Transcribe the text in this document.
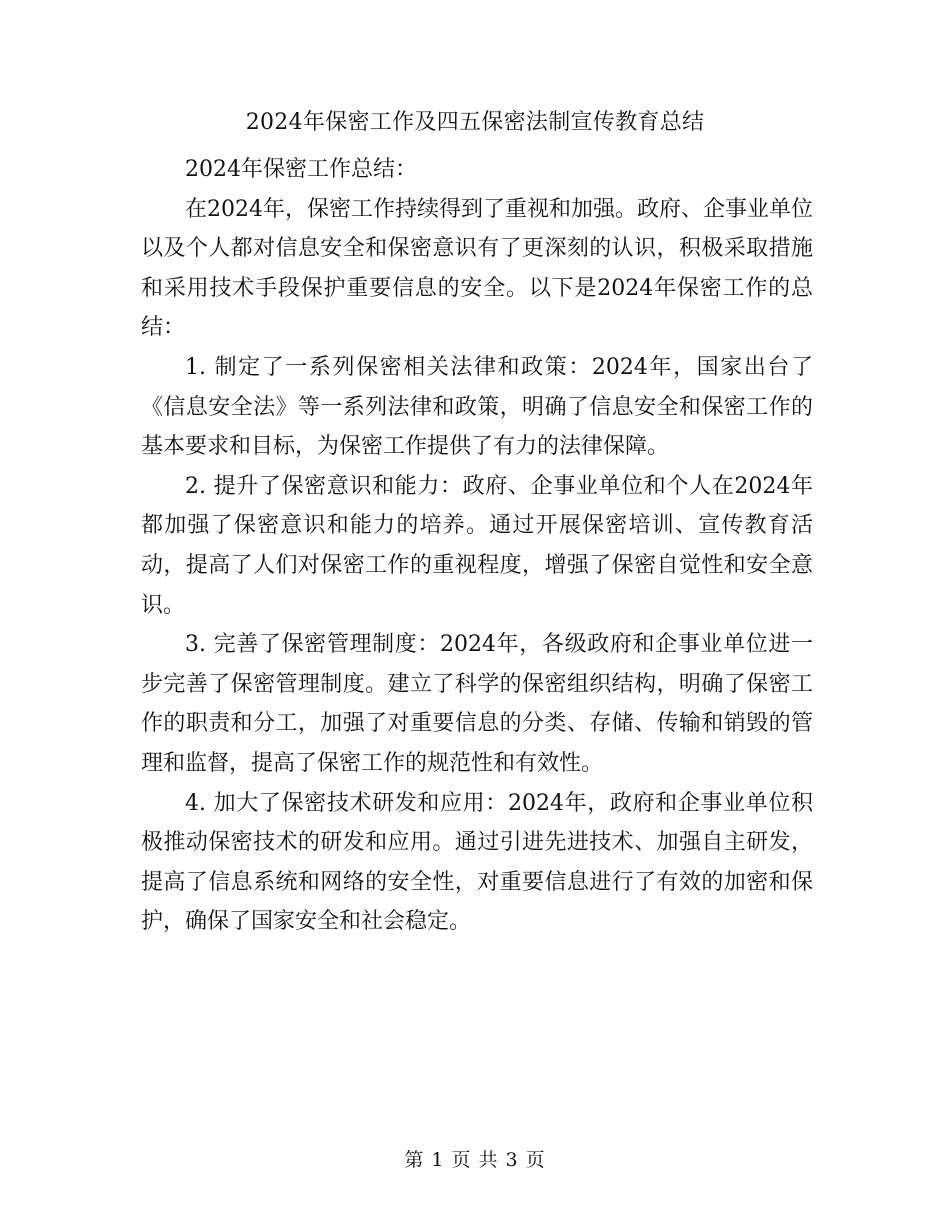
2024年保密工作及四五保密法制宣传教育总结

2024年保密工作总结：

在2024年，保密工作持续得到了重视和加强。政府、企事业单位以及个人都对信息安全和保密意识有了更深刻的认识，积极采取措施和采用技术手段保护重要信息的安全。以下是2024年保密工作的总结：

1. 制定了一系列保密相关法律和政策：2024年，国家出台了《信息安全法》等一系列法律和政策，明确了信息安全和保密工作的基本要求和目标，为保密工作提供了有力的法律保障。

2. 提升了保密意识和能力：政府、企事业单位和个人在2024年都加强了保密意识和能力的培养。通过开展保密培训、宣传教育活动，提高了人们对保密工作的重视程度，增强了保密自觉性和安全意识。

3. 完善了保密管理制度：2024年，各级政府和企事业单位进一步完善了保密管理制度。建立了科学的保密组织结构，明确了保密工作的职责和分工，加强了对重要信息的分类、存储、传输和销毁的管理和监督，提高了保密工作的规范性和有效性。

4. 加大了保密技术研发和应用：2024年，政府和企事业单位积极推动保密技术的研发和应用。通过引进先进技术、加强自主研发，提高了信息系统和网络的安全性，对重要信息进行了有效的加密和保护，确保了国家安全和社会稳定。

第 1 页 共 3 页
